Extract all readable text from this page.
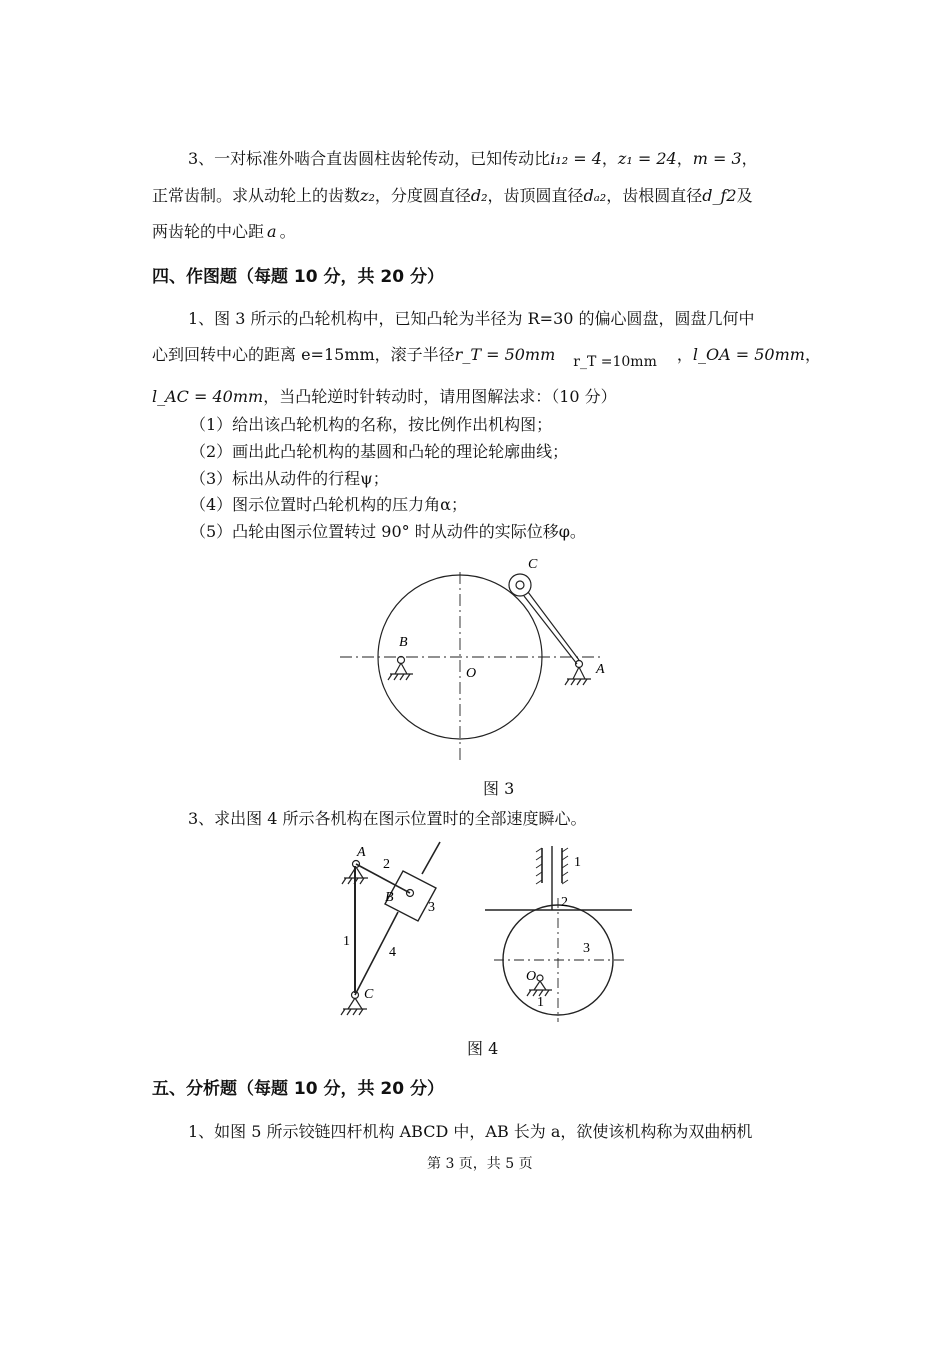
3、一对标准外啮合直齿圆柱齿轮传动，已知传动比i₁₂ = 4，z₁ = 24，m = 3，
正常齿制。求从动轮上的齿数z₂，分度圆直径d₂，齿顶圆直径dₐ₂，齿根圆直径d_f2及
两齿轮的中心距 a 。
四、作图题（每题 10 分，共 20 分）
1、图 3 所示的凸轮机构中，已知凸轮为半径为 R=30 的偏心圆盘，圆盘几何中
心到回转中心的距离 e=15mm，滚子半径r_T = 50mm r_T =10mm ，l_OA = 50mm，
l_AC = 40mm，当凸轮逆时针转动时，请用图解法求：（10 分）
（1）给出该凸轮机构的名称，按比例作出机构图；
（2）画出此凸轮机构的基圆和凸轮的理论轮廓曲线；
（3）标出从动件的行程ψ；
（4）图示位置时凸轮机构的压力角α；
（5）凸轮由图示位置转过 90° 时从动件的实际位移φ。
B
O
C
A
图 3
3、求出图 4 所示各机构在图示位置时的全部速度瞬心。
A
2
B
3
1
4
C
1
2
3
O
1
图 4
五、分析题（每题 10 分，共 20 分）
1、如图 5 所示铰链四杆机构 ABCD 中，AB 长为 a，欲使该机构称为双曲柄机
第 3 页，共 5 页
